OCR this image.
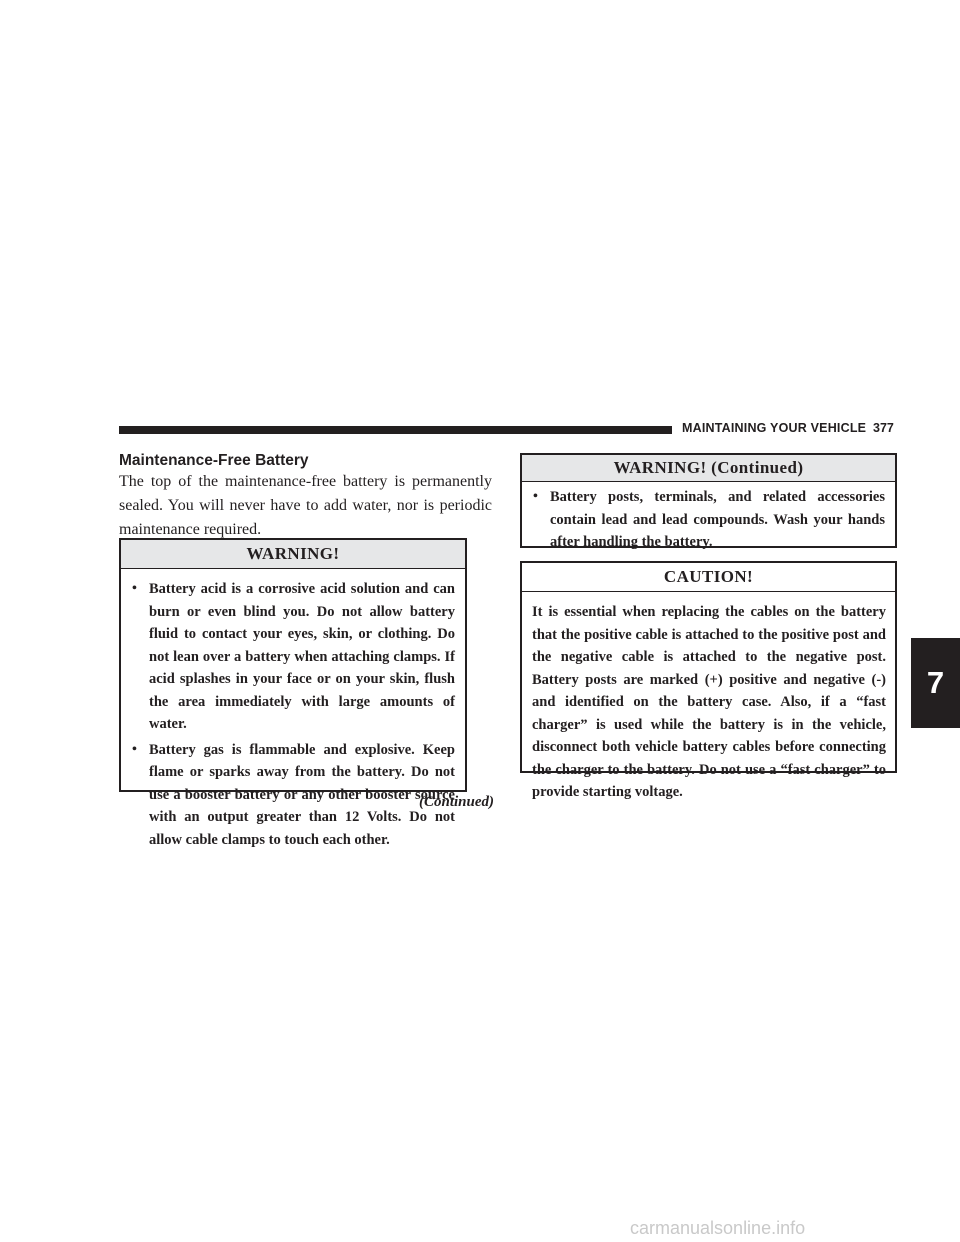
MAINTAINING YOUR VEHICLE 377
Maintenance-Free Battery

The top of the maintenance-free battery is permanently sealed. You will never have to add water, nor is periodic maintenance required.

WARNING!
• Battery acid is a corrosive acid solution and can burn or even blind you. Do not allow battery fluid to contact your eyes, skin, or clothing. Do not lean over a battery when attaching clamps. If acid splashes in your face or on your skin, flush the area immediately with large amounts of water.
• Battery gas is flammable and explosive. Keep flame or sparks away from the battery. Do not use a booster battery or any other booster source with an output greater than 12 Volts. Do not allow cable clamps to touch each other.
(Continued)
WARNING! (Continued)
• Battery posts, terminals, and related accessories contain lead and lead compounds. Wash your hands after handling the battery.
CAUTION!

It is essential when replacing the cables on the battery that the positive cable is attached to the positive post and the negative cable is attached to the negative post. Battery posts are marked (+) positive and negative (-) and identified on the battery case. Also, if a “fast charger” is used while the battery is in the vehicle, disconnect both vehicle battery cables before connecting the charger to the battery. Do not use a “fast charger” to provide starting voltage.

7
carmanualsonline.info
